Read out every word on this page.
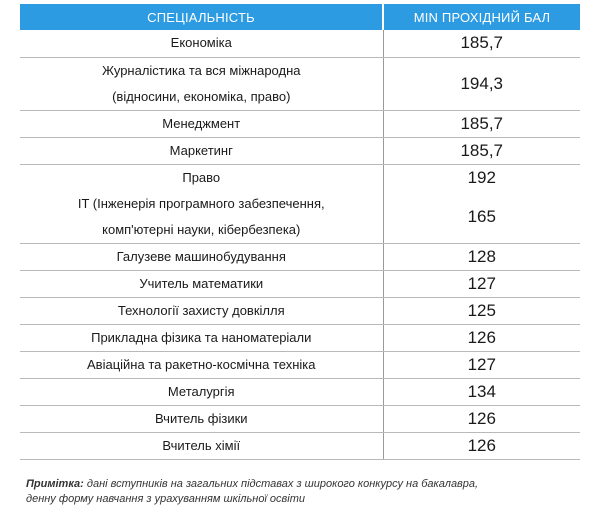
СПЕЦІАЛЬНІСТЬ	MIN ПРОХІДНИЙ БАЛ
Економіка	185,7
Журналістика та вся міжнародна
(відносини, економіка, право)	194,3
Менеджмент	185,7
Маркетинг	185,7
Право	192
IT (Інженерія програмного забезпечення,
комп'ютерні науки, кібербезпека)	165
Галузеве машинобудування	128
Учитель математики	127
Технології захисту довкілля	125
Прикладна фізика та наноматеріали	126
Авіаційна та ракетно-космічна техніка	127
Металургія	134
Вчитель фізики	126
Вчитель хімії	126
Примітка: дані вступників на загальних підставах з широкого конкурсу на бакалавра,
денну форму навчання з урахуванням шкільної освіти
